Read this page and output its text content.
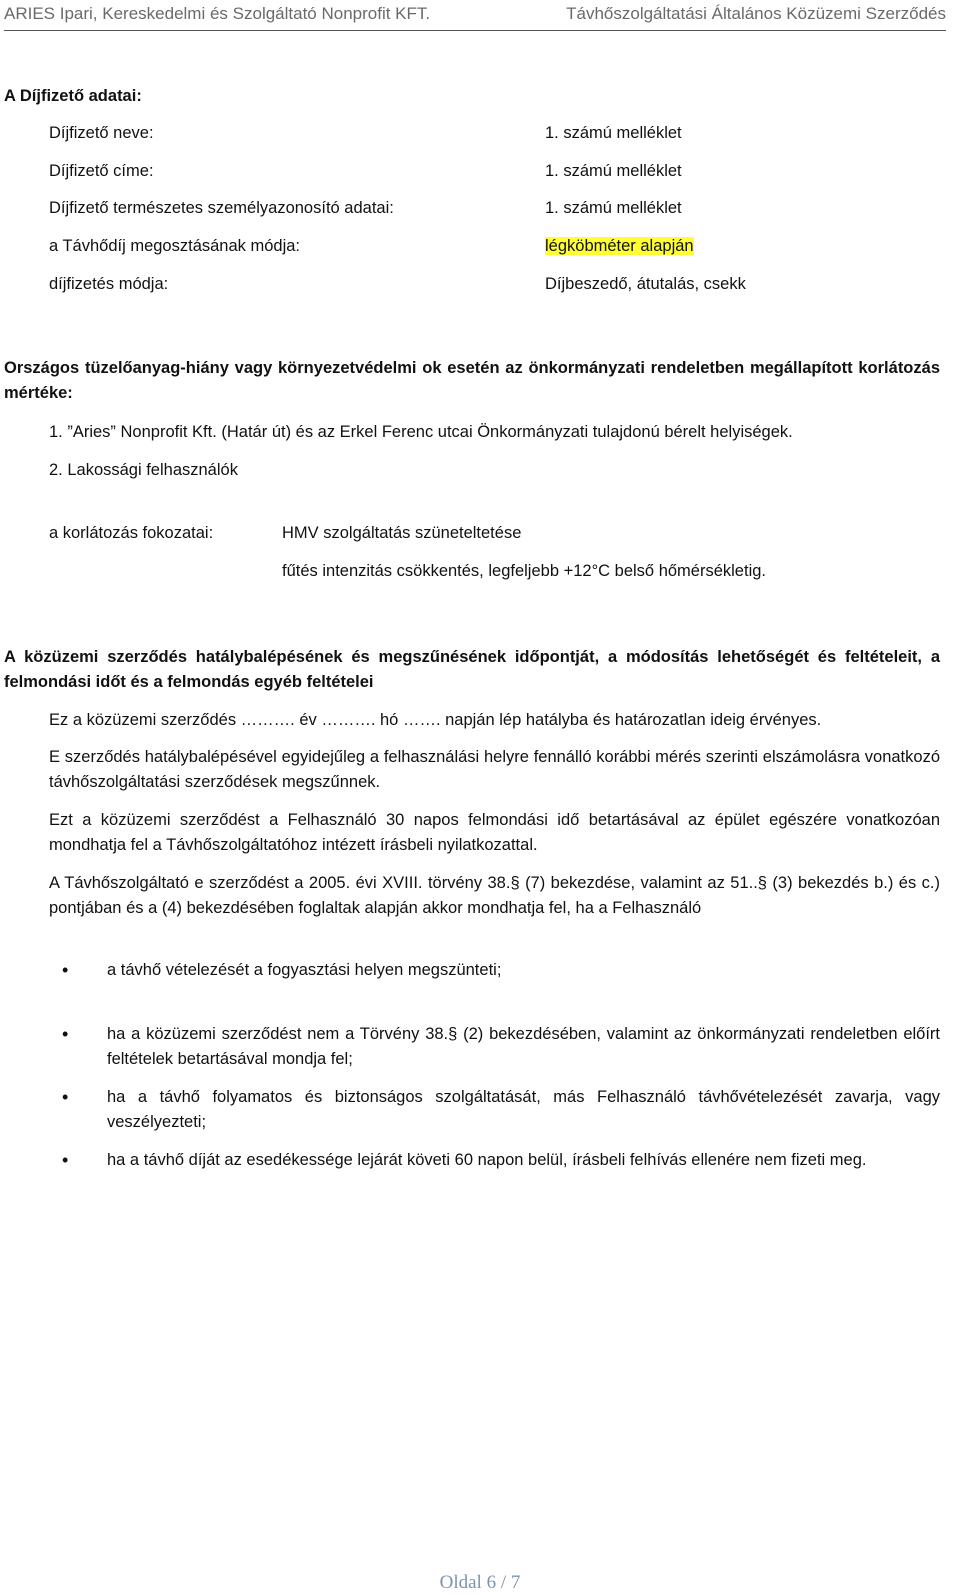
ARIES Ipari, Kereskedelmi és Szolgáltató Nonprofit KFT.	Távhőszolgáltatási Általános Közüzemi Szerződés
A Díjfizető adatai:
Díjfizető neve:	1. számú melléklet
Díjfizető címe:	1. számú melléklet
Díjfizető természetes személyazonosító adatai:	1. számú melléklet
a Távhődíj megosztásának módja:	légköbméter alapján
díjfizetés módja:	Díjbeszedő, átutalás, csekk
Országos tüzelőanyag-hiány vagy környezetvédelmi ok esetén az önkormányzati rendeletben megállapított korlátozás mértéke:
1. ”Aries” Nonprofit Kft. (Határ út) és az Erkel Ferenc utcai Önkormányzati tulajdonú bérelt helyiségek.
2. Lakossági felhasználók
a korlátozás fokozatai:	HMV szolgáltatás szüneteltetése
fűtés intenzitás csökkentés, legfeljebb +12°C belső hőmérsékletig.
A közüzemi szerződés hatálybalépésének és megszűnésének időpontját, a módosítás lehetőségét és feltételeit, a felmondási időt és a felmondás egyéb feltételei
Ez a közüzemi szerződés ………. év ………. hó ……. napján lép hatályba és határozatlan ideig érvényes.
E szerződés hatálybalépésével egyidejűleg a felhasználási helyre fennálló korábbi mérés szerinti elszámolásra vonatkozó távhőszolgáltatási szerződések megszűnnek.
Ezt a közüzemi szerződést a Felhasználó 30 napos felmondási idő betartásával az épület egészére vonatkozóan mondhatja fel a Távhőszolgáltatóhoz intézett írásbeli nyilatkozattal.
A Távhőszolgáltató e szerződést a 2005. évi XVIII. törvény 38.§ (7) bekezdése, valamint az 51..§ (3) bekezdés b.) és c.) pontjában és a (4) bekezdésében foglaltak alapján akkor mondhatja fel, ha a Felhasználó
• a távhő vételezését a fogyasztási helyen megszünteti;
• ha a közüzemi szerződést nem a Törvény 38.§ (2) bekezdésében, valamint az önkormányzati rendeletben előírt feltételek betartásával mondja fel;
• ha a távhő folyamatos és biztonságos szolgáltatását, más Felhasználó távhővételezését zavarja, vagy veszélyezteti;
• ha a távhő díját az esedékessége lejárát követi 60 napon belül, írásbeli felhívás ellenére nem fizeti meg.
Oldal 6 / 7
